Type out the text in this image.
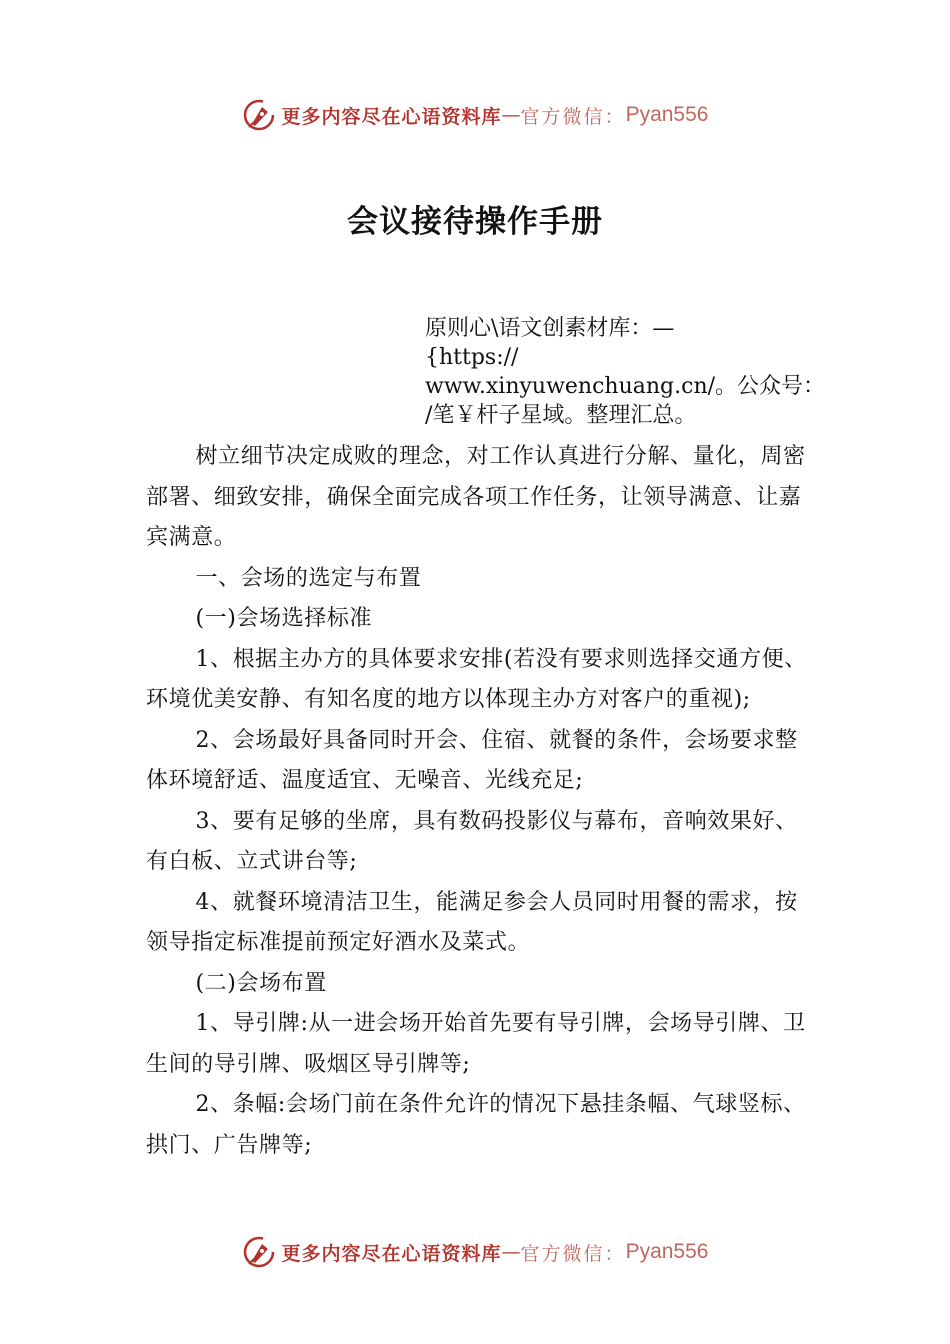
更多内容尽在心语资料库 — 官方微信： Pyan556
会议接待操作手册
原则心\语文创素材库：—
{https://
www.xinyuwenchuang.cn/。公众号：
/笔￥杆子星域。整理汇总。

树立细节决定成败的理念，对工作认真进行分解、量化，周密部署、细致安排，确保全面完成各项工作任务，让领导满意、让嘉宾满意。

一、会场的选定与布置

(一)会场选择标准

1、根据主办方的具体要求安排(若没有要求则选择交通方便、环境优美安静、有知名度的地方以体现主办方对客户的重视);

2、会场最好具备同时开会、住宿、就餐的条件，会场要求整体环境舒适、温度适宜、无噪音、光线充足;

3、要有足够的坐席，具有数码投影仪与幕布，音响效果好、有白板、立式讲台等;

4、就餐环境清洁卫生，能满足参会人员同时用餐的需求，按领导指定标准提前预定好酒水及菜式。

(二)会场布置

1、导引牌:从一进会场开始首先要有导引牌，会场导引牌、卫生间的导引牌、吸烟区导引牌等;

2、条幅:会场门前在条件允许的情况下悬挂条幅、气球竖标、拱门、广告牌等;

更多内容尽在心语资料库 — 官方微信： Pyan556
